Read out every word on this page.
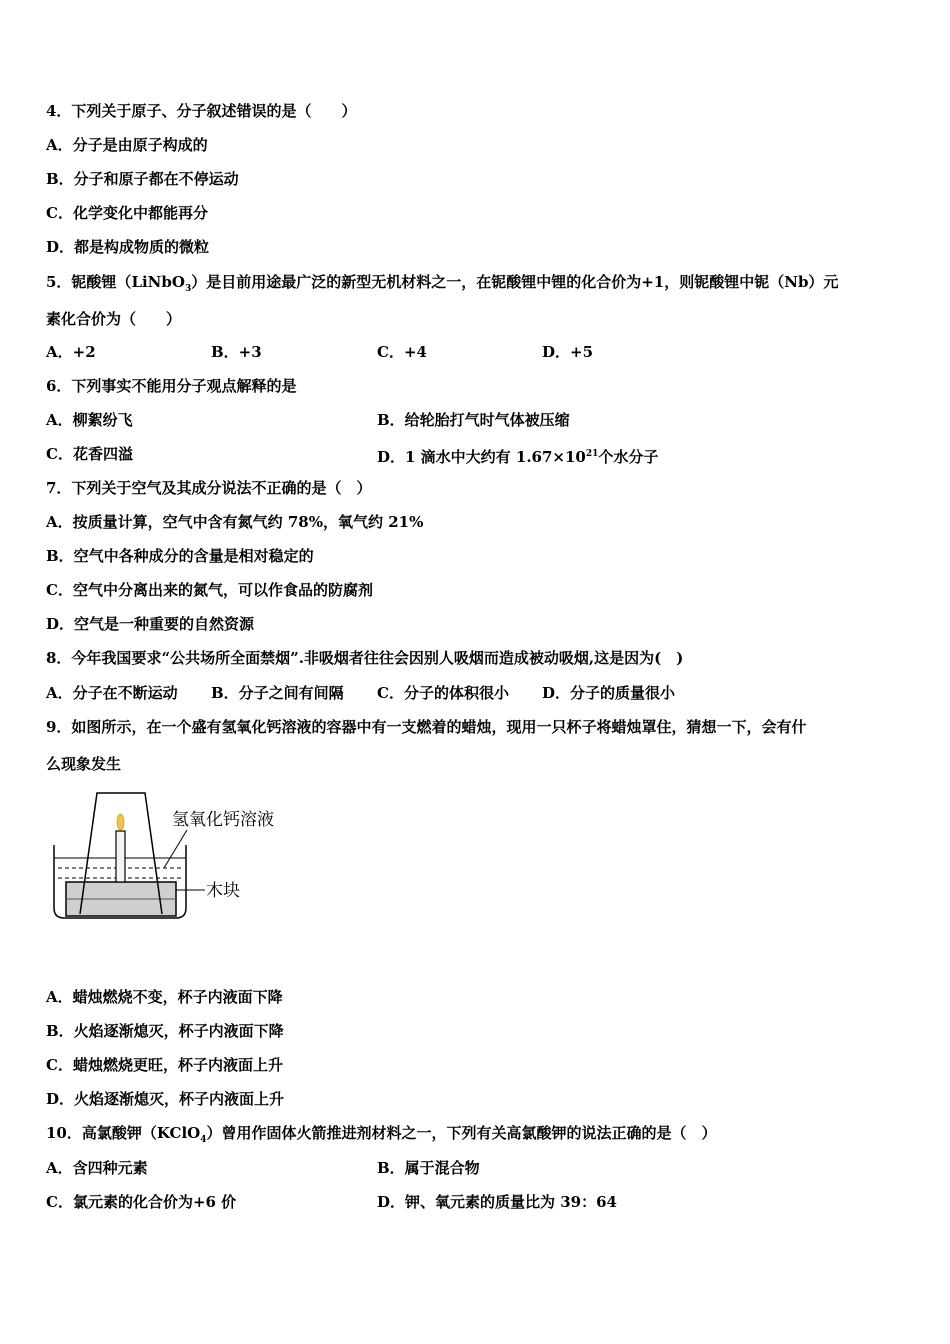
4．下列关于原子、分子叙述错误的是（　　）
A．分子是由原子构成的
B．分子和原子都在不停运动
C．化学变化中都能再分
D．都是构成物质的微粒
5．铌酸锂（LiNbO$_3$）是目前用途最广泛的新型无机材料之一，在铌酸锂中锂的化合价为+1，则铌酸锂中铌（Nb）元
素化合价为（　　）
A．+2	B．+3	C．+4	D．+5
6．下列事实不能用分子观点解释的是
A．柳絮纷飞	B．给轮胎打气时气体被压缩
C．花香四溢	D．1 滴水中大约有 $1.67\times 10^{21}$个水分子
7．下列关于空气及其成分说法不正确的是（　）
A．按质量计算，空气中含有氮气约 78%，氧气约 21%
B．空气中各种成分的含量是相对稳定的
C．空气中分离出来的氮气，可以作食品的防腐剂
D．空气是一种重要的自然资源
8．今年我国要求“公共场所全面禁烟”.非吸烟者往往会因别人吸烟而造成被动吸烟,这是因为(　)
A．分子在不断运动 B．分子之间有间隔 C．分子的体积很小 D．分子的质量很小
9．如图所示，在一个盛有氢氧化钙溶液的容器中有一支燃着的蜡烛，现用一只杯子将蜡烛罩住，猜想一下，会有什
么现象发生
氢氧化钙溶液
木块
A．蜡烛燃烧不变，杯子内液面下降
B．火焰逐渐熄灭，杯子内液面下降
C．蜡烛燃烧更旺，杯子内液面上升
D．火焰逐渐熄灭，杯子内液面上升
10．高氯酸钾（KClO$_4$）曾用作固体火箭推进剂材料之一，下列有关高氯酸钾的说法正确的是（　）
A．含四种元素	B．属于混合物
C．氯元素的化合价为+6 价	D．钾、氧元素的质量比为 39：64
